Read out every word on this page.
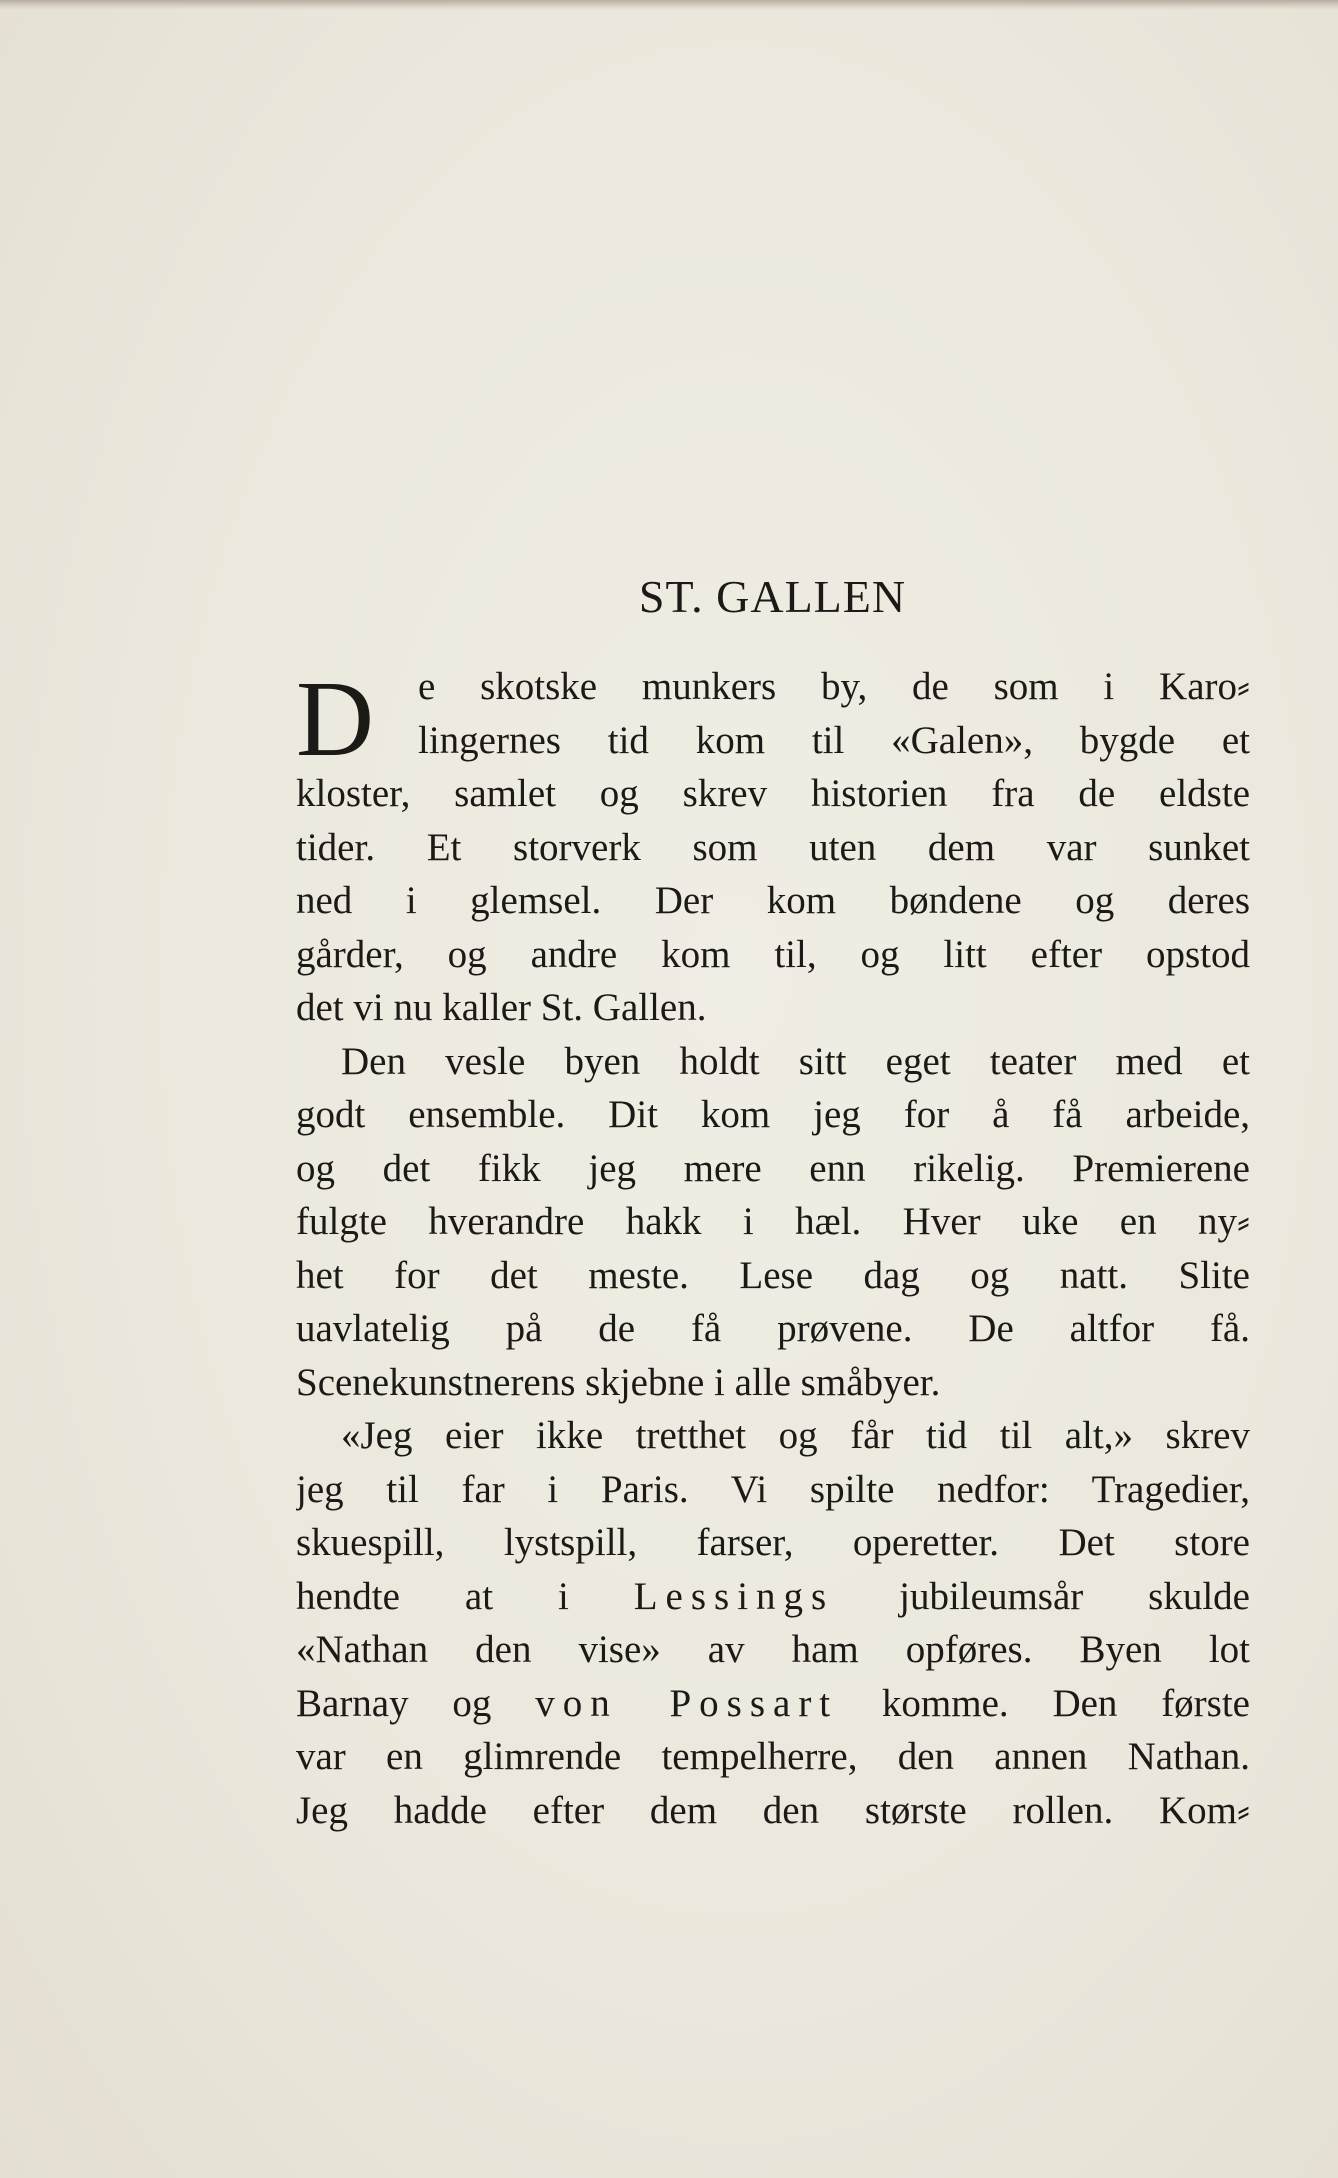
ST. GALLEN
D	e skotske munkers by, de som i Karo⸗
lingernes tid kom til «Galen», bygde et
kloster, samlet og skrev historien fra de eldste
tider. Et storverk som uten dem var sunket
ned i glemsel. Der kom bøndene og deres
gårder, og andre kom til, og litt efter opstod
det vi nu kaller St. Gallen.
Den vesle byen holdt sitt eget teater med et
godt ensemble. Dit kom jeg for å få arbeide,
og det fikk jeg mere enn rikelig. Premierene
fulgte hverandre hakk i hæl. Hver uke en ny⸗
het for det meste. Lese dag og natt. Slite
uavlatelig på de få prøvene. De altfor få.
Scenekunstnerens skjebne i alle småbyer.
«Jeg eier ikke tretthet og får tid til alt,» skrev
jeg til far i Paris. Vi spilte nedfor: Tragedier,
skuespill, lystspill, farser, operetter. Det store
hendte at i Lessings jubileumsår skulde
«Nathan den vise» av ham opføres. Byen lot
Barnay og von Possart komme. Den første
var en glimrende tempelherre, den annen Nathan.
Jeg hadde efter dem den største rollen. Kom⸗
